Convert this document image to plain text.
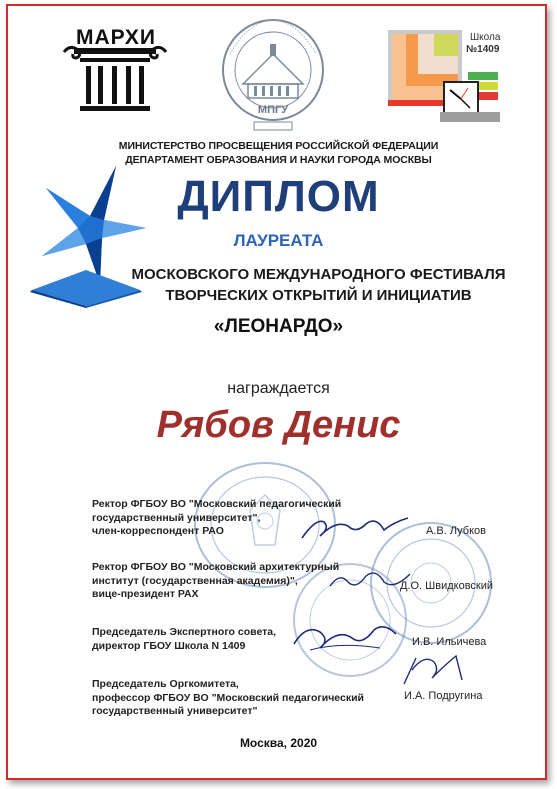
МАРХИ
МПГУ
Школа
№1409
МИНИСТЕРСТВО ПРОСВЕЩЕНИЯ РОССИЙСКОЙ ФЕДЕРАЦИИ
ДЕПАРТАМЕНТ ОБРАЗОВАНИЯ И НАУКИ ГОРОДА МОСКВЫ
ДИПЛОМ
ЛАУРЕАТА
МОСКОВСКОГО МЕЖДУНАРОДНОГО ФЕСТИВАЛЯ
ТВОРЧЕСКИХ ОТКРЫТИЙ И ИНИЦИАТИВ
«ЛЕОНАРДО»
награждается
Рябов Денис
Ректор ФГБОУ ВО "Московский педагогический
государственный университет",
член-корреспондент РАО	А.В. Лубков
Ректор ФГБОУ ВО "Московский архитектурный
институт (государственная академия)",
вице-президент РАХ
Д.О. Швидковский
Председатель Экспертного совета,
директор ГБОУ Школа N 1409	И.В. Ильичева
Председатель Оргкомитета,
профессор ФГБОУ ВО "Московский педагогический
государственный университет"
И.А. Подругина
Москва, 2020
